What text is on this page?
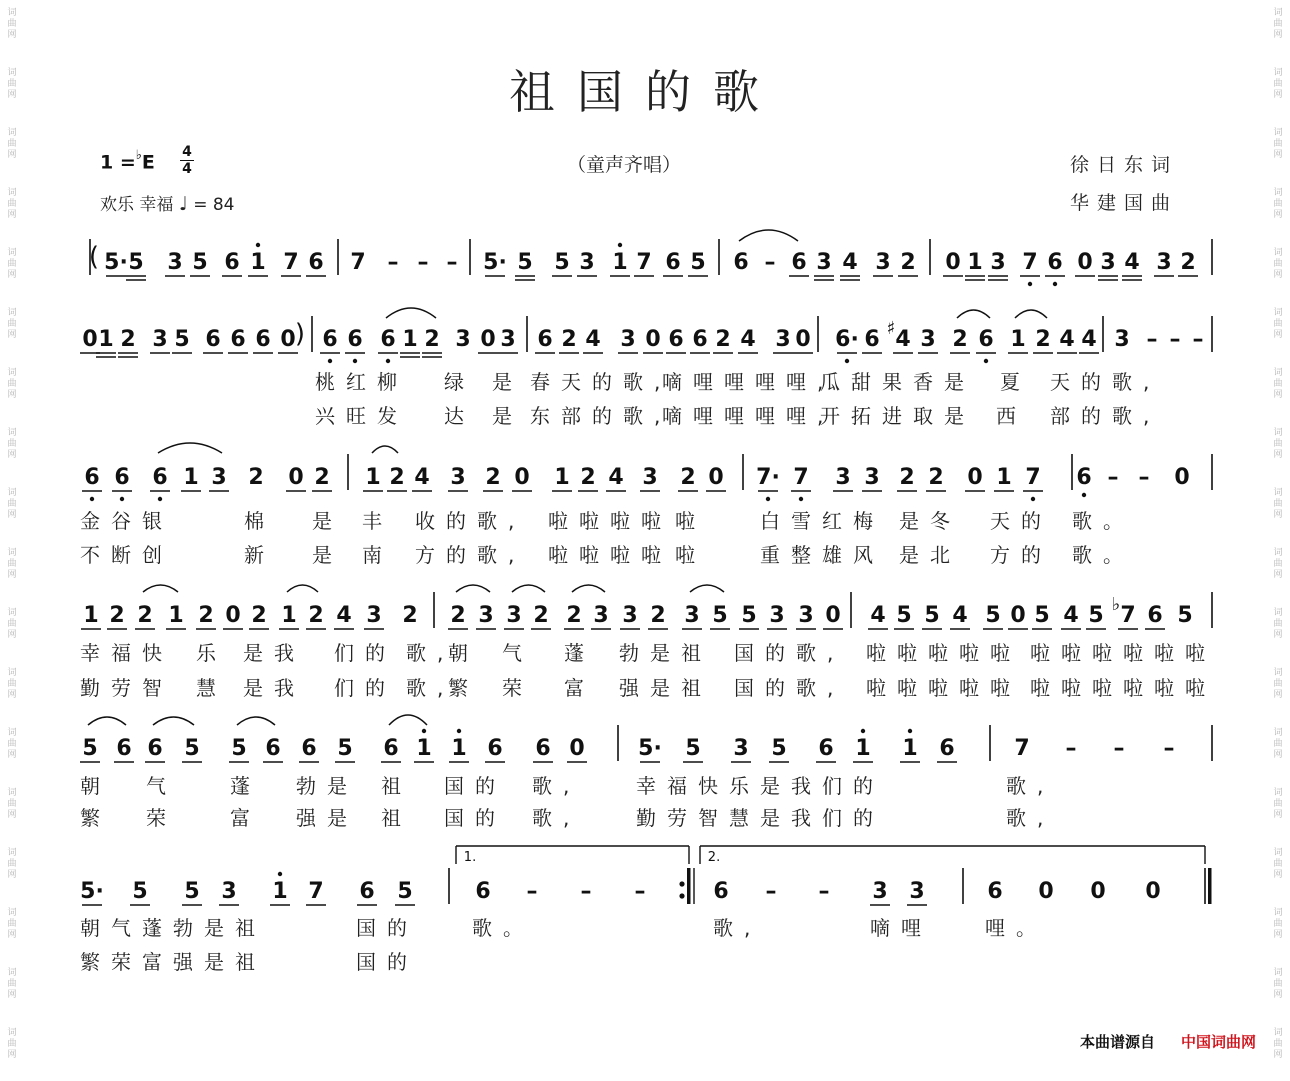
祖国的歌
1 =♭E 4
4
欢乐 幸福 ♩ = 84
（童声齐唱）	徐日东词
华建国曲
词
曲
网
词
曲
网
词
曲
网
词
曲
网
词
曲
网
词
曲
网
词
曲
网
词
曲
网
词
曲
网
词
曲
网
词
曲
网
词
曲
网
词
曲
网
词
曲
网
词
曲
网
词
曲
网
词
曲
网
词
曲
网
词
曲
网
词
曲
网
词
曲
网
词
曲
网
词
曲
网
词
曲
网
词
曲
网
词
曲
网
词
曲
网
词
曲
网
词
曲
网
词
曲
网
词
曲
网
词
曲
网
词
曲
网
词
曲
网
词
曲
网
词
曲
网
( 5· 5 3 5 6 1 7 6 7 – – – 5· 5 5 3 1 7 6 5 6 – 6 3 4 3 2 0 1 3 7 6 0 3 4 3 2
)
0 1 2 3 5 6 6 6 0 6 6 6 1 2 3 0 3 6 2 4 3 0 6 6 2 4 3 0 6· 6 4
♯ 3 2 6 1 2 4 4 3 – – –
6 6 6 1 3 2 0 2 1 2 4 3 2 0 1 2 4 3 2 0 7· 7 3 3 2 2 0 1 7 6 – – 0
1 2 2 1 2 0 2 1 2 4 3 2 2 3 3 2 2 3 3 2 3 5 5 3 3 0 4 5 5 4 5 0 5 4 5 7
♭ 6 5
5 6 6 5 5 6 6 5 6 1 1 6 6 0 5· 5 3 5 6 1 1 6	7 – – –
5· 5 5 3 1 7 6 5	6 – – –	6 – – 3 3	6 0 0 0
1.	2.
桃红柳 绿 是 春天的歌,
嘀哩哩哩哩,
瓜甜果香是 夏 天的歌,
兴旺发 达 是 东部的歌,
嘀哩哩哩哩,
开拓进取是 西 部的歌,
金谷银	棉 是 丰 收的歌, 啦啦啦啦 啦	白雪红梅 是冬 天的 歌。
不断创	新 是 南 方的歌, 啦啦啦啦 啦	重整雄风 是北 方的 歌。
幸福快 乐 是我 们的 歌,
朝 气 蓬 勃是祖 国的歌, 啦啦啦啦啦 啦啦啦啦啦啦
勤劳智 慧 是我 们的 歌,
繁 荣 富 强是祖 国的歌, 啦啦啦啦啦 啦啦啦啦啦啦
朝 气	蓬 勃是 祖 国的 歌,	幸福快乐是我们的	歌,
繁 荣	富 强是 祖 国的 歌,	勤劳智慧是我们的	歌,
朝气蓬勃是祖	国的	歌。	歌,	嘀哩	哩。
繁荣富强是祖	国的
本曲谱源自 中国词曲网
